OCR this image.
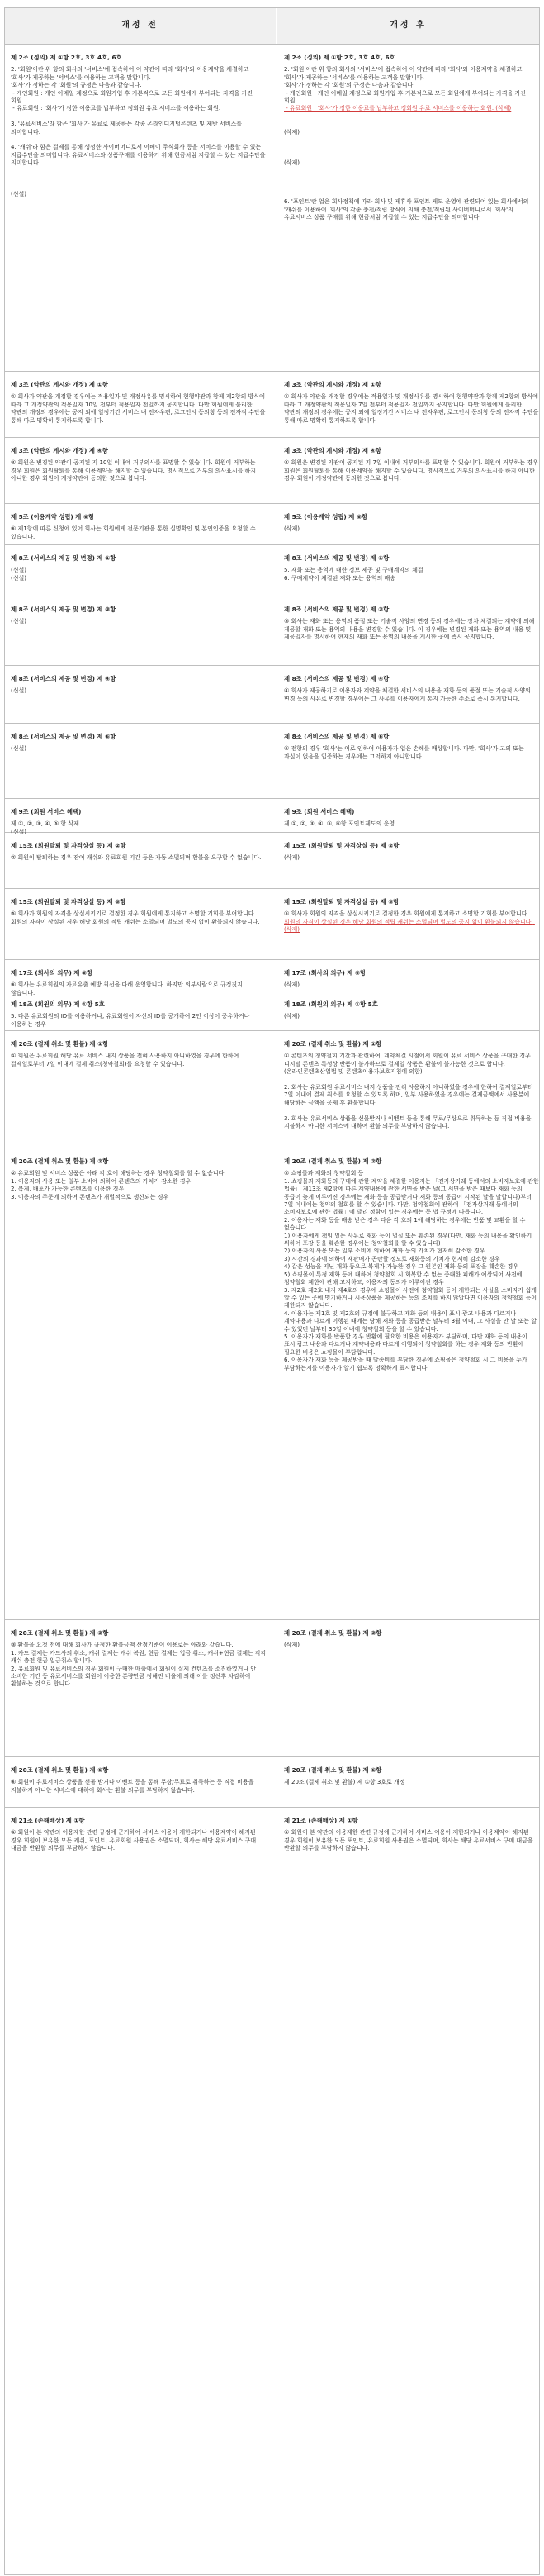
개정 전	개정 후
제 2조 (정의) 제 ①항 2호, 3호 4호, 6호
2. '회원'이란 위 항의 회사의 '서비스'에 접속하여 이 약관에 따라 '회사'와 이용계약을 체결하고 '회사'가 제공하는 '서비스'를 이용하는 고객을 말합니다.
'회사'가 정하는 각 '회원'의 규정은 다음과 같습니다.
- 개인회원 : 개인 이메일 계정으로 회원가입 후 기본적으로 모든 회원에게 부여되는 자격을 가진 회원.
- 유료회원 : '회사'가 정한 이용료를 납부하고 정회원 유료 서비스를 이용하는 회원.

3. '유료서비스'라 함은 '회사'가 유료로 제공하는 각종 온라인디지털콘텐츠 및 제반 서비스를 의미합니다.

4. '캐쉬'라 함은 결제를 통해 생성한 사이버머니로서 이베이 주식회사 등을 서비스를 이용할 수 있는 지급수단을 의미합니다. 유료서비스와 상품구매를 이용하기 위해 현금처럼 지급할 수 있는 지급수단을 의미합니다.

(신설)
제 2조 (정의) 제 ①항 2호, 3호 4호, 6호
2. '회원'이란 위 항의 회사의 '서비스'에 접속하여 이 약관에 따라 '회사'와 이용계약을 체결하고 '회사'가 제공하는 '서비스'를 이용하는 고객을 말합니다.
'회사'가 정하는 각 '회원'의 규정은 다음과 같습니다.
- 개인회원 : 개인 이메일 계정으로 회원가입 후 기본적으로 모든 회원에게 부여되는 자격을 가진 회원.
- 유료회원 : '회사'가 정한 이용료를 납부하고 정회원 유료 서비스를 이용하는 회원. (삭제)

(삭제)

(삭제)

6. '포인트'란 업은 회사정책에 따라 회사 및 제휴사 포인트 제도 운영에 관련되어 있는 회사에서의 '캐쉬를 이용하여 '회사'의 각종 충전/적립 방식에 의해 충전/적립된 사이버머니로서 '회사'의 유료서비스 상품 구매를 위해 현금처럼 지급할 수 있는 지급수단을 의미합니다.
제 3조 (약관의 게시와 개정) 제 ①항
① 회사가 약관을 개정할 경우에는 적용일자 및 개정사유를 명시하여 현행약관과 함께 제2항의 방식에 따라 그 개정약관의 적용일자 10일 전부터 적용일자 전일까지 공지합니다. 다만 회원에게 불리한 약관의 개정의 경우에는 공지 외에 일정기간 서비스 내 전자우편, 로그인시 동의창 등의 전자적 수단을 통해 따로 명확히 통지하도록 합니다.
제 3조 (약관의 게시와 개정) 제 ①항
① 회사가 약관을 개정할 경우에는 적용일자 및 개정사유를 명시하여 현행약관과 함께 제2항의 방식에 따라 그 개정약관의 적용일자 7일 전부터 적용일자 전일까지 공지합니다. 다만 회원에게 불리한 약관의 개정의 경우에는 공지 외에 일정기간 서비스 내 전자우편, 로그인시 동의창 등의 전자적 수단을 통해 따로 명확히 통지하도록 합니다.
제 3조 (약관의 게시와 개정) 제 ④항
④ 회원은 변경된 약관이 공지된 지 10일 이내에 거부의사를 표명할 수 있습니다. 회원이 거부하는 경우 회원은 회원탈퇴를 통해 이용계약을 해지할 수 있습니다. 명시적으로 거부의 의사표시를 하지 아니한 경우 회원이 개정약관에 동의한 것으로 봅니다.
제 3조 (약관의 게시와 개정) 제 ④항
④ 회원은 변경된 약관이 공지된 지 7일 이내에 거부의사를 표명할 수 있습니다. 회원이 거부하는 경우 회원은 회원탈퇴를 통해 이용계약을 해지할 수 있습니다. 명시적으로 거부의 의사표시를 하지 아니한 경우 회원이 개정약관에 동의한 것으로 봅니다.
제 5조 (이용계약 성립) 제 ⑥항
⑥ 제1항에 따른 신청에 있어 회사는 회원에게 전문기관을 통한 실명확인 및 본인인증을 요청할 수 있습니다.
제 5조 (이용계약 성립) 제 ⑥항
(삭제)
제 8조 (서비스의 제공 및 변경) 제 ①항
(신설)
(신설)
제 8조 (서비스의 제공 및 변경) 제 ①항
5. 재화 또는 용역에 대한 정보 제공 및 구매계약의 체결
6. 구매계약이 체결된 재화 또는 용역의 배송
제 8조 (서비스의 제공 및 변경) 제 ③항
(신설)
제 8조 (서비스의 제공 및 변경) 제 ③항
③ 회사는 재화 또는 용역의 품절 또는 기술적 사양의 변경 등의 경우에는 장차 체결되는 계약에 의해 제공할 재화 또는 용역의 내용을 변경할 수 있습니다. 이 경우에는 변경된 재화 또는 용역의 내용 및 제공일자를 명시하여 현재의 재화 또는 용역의 내용을 게시한 곳에 즉시 공지합니다.
제 8조 (서비스의 제공 및 변경) 제 ④항
(신설)
제 8조 (서비스의 제공 및 변경) 제 ④항
④ 회사가 제공하기로 이용자와 계약을 체결한 서비스의 내용을 재화 등의 품절 또는 기술적 사양의 변경 등의 사유로 변경할 경우에는 그 사유를 이용자에게 통지 가능한 주소로 즉시 통지합니다.
제 8조 (서비스의 제공 및 변경) 제 ⑥항
(신설)
제 8조 (서비스의 제공 및 변경) 제 ⑥항
⑥ 전항의 경우 '회사'는 이로 인하여 이용자가 입은 손해를 배상합니다. 다만, '회사'가 고의 또는 과실이 없음을 입증하는 경우에는 그러하지 아니합니다.
제 9조 (회원 서비스 혜택)
제 ①, ②, ③, ④, ⑤ 항 삭제
(신설)
제 9조 (회원 서비스 혜택)
제 ①, ②, ③, ④, ⑤, ⑥항 포인트제도의 운영
제 15조 (회원탈퇴 및 자격상실 등) 제 ②항
② 회원이 탈퇴하는 경우 잔여 캐쉬와 유료회원 기간 등은 자동 소멸되며 환불을 요구할 수 없습니다.
제 15조 (회원탈퇴 및 자격상실 등) 제 ②항
(삭제)
제 15조 (회원탈퇴 및 자격상실 등) 제 ⑤항
⑤ 회사가 회원의 자격을 상실시키기로 결정한 경우 회원에게 통지하고 소명할 기회를 부여합니다. 회원의 자격이 상실된 경우 해당 회원의 적립 캐쉬는 소멸되며 별도의 공지 없이 환불되지 않습니다.
제 15조 (회원탈퇴 및 자격상실 등) 제 ⑤항
⑤ 회사가 회원의 자격을 상실시키기로 결정한 경우 회원에게 통지하고 소명할 기회를 부여합니다. 회원의 자격이 상실된 경우 해당 회원의 적립 캐쉬는 소멸되며 별도의 공지 없이 환불되지 않습니다. (삭제)
제 17조 (회사의 의무) 제 ⑥항
⑥ 회사는 유료회원의 자료유출 예방 최선을 다해 운영합니다. 하지만 외부사람으로 규정짓지 않습니다.
제 17조 (회사의 의무) 제 ⑥항
(삭제)
제 18조 (회원의 의무) 제 ①항 5호
5. 다른 유료회원의 ID를 이용하거나, 유료회원이 자신의 ID를 공개하여 2인 이상이 공유하거나 이용하는 경우
제 18조 (회원의 의무) 제 ①항 5호
(삭제)
제 20조 (결제 취소 및 환불) 제 ①항
① 회원은 유료회원 해당 유료 서비스 내지 상품을 전혀 사용하지 아니하였을 경우에 한하여 결제일로부터 7일 이내에 결제 취소(청약철회)를 요청할 수 있습니다.
제 20조 (결제 취소 및 환불) 제 ①항
① 콘텐츠의 청약철회 기간과 관련하여, 계약체결 시점에서 회원이 유료 서비스 상품을 구매한 경우 디지털 콘텐츠 특성상 반품이 불가하므로 결제일 상품은 환불이 불가능한 것으로 합니다.
(온라인콘텐츠산업법 및 콘텐츠이용자보호지침에 의함)

2. 회사는 유료회원 유료서비스 내지 상품을 전혀 사용하지 아니하였을 경우에 한하여 결제일로부터 7일 이내에 결제 취소를 요청할 수 있도록 하며, 일부 사용하였을 경우에는 결제금액에서 사용분에 해당하는 금액을 공제 후 환불합니다.

3. 회사는 유료서비스 상품을 선물받거나 이벤트 등을 통해 무료/무상으로 취득하는 등 직접 비용을 지불하지 아니한 서비스에 대하여 환불 의무를 부담하지 않습니다.
제 20조 (결제 취소 및 환불) 제 ②항
② 유료회원 및 서비스 상품은 아래 각 호에 해당하는 경우 청약철회를 할 수 없습니다.
1. 이용자의 사용 또는 일부 소비에 의하여 콘텐츠의 가치가 감소한 경우
2. 복제, 배포가 가능한 콘텐츠를 이용한 경우
3. 이용자의 주문에 의하여 콘텐츠가 개별적으로 생산되는 경우
제 20조 (결제 취소 및 환불) 제 ②항
② 쇼핑몰과 재화의 청약철회 등
1. 쇼핑몰과 재화등의 구매에 관한 계약을 체결한 이용자는 「전자상거래 등에서의 소비자보호에 관한 법률」 제13조 제2항에 따른 계약내용에 관한 서면을 받은 날(그 서면을 받은 때보다 재화 등의 공급이 늦게 이루어진 경우에는 재화 등을 공급받거나 재화 등의 공급이 시작된 날을 말합니다)부터 7일 이내에는 청약의 철회를 할 수 있습니다. 다만, 청약철회에 관하여 「전자상거래 등에서의 소비자보호에 관한 법률」에 달리 정함이 있는 경우에는 동 법 규정에 따릅니다.
2. 이용자는 재화 등을 배송 받은 경우 다음 각 호의 1에 해당하는 경우에는 반품 및 교환을 할 수 없습니다.
1) 이용자에게 책임 있는 사유로 재화 등이 멸실 또는 훼손된 경우(다만, 재화 등의 내용을 확인하기 위하여 포장 등을 훼손한 경우에는 청약철회를 할 수 있습니다)
2) 이용자의 사용 또는 일부 소비에 의하여 재화 등의 가치가 현저히 감소한 경우
3) 시간의 경과에 의하여 재판매가 곤란할 정도로 재화등의 가치가 현저히 감소한 경우
4) 같은 성능을 지닌 재화 등으로 복제가 가능한 경우 그 원본인 재화 등의 포장을 훼손한 경우
5) 쇼핑몰이 특정 재화 등에 대하여 청약철회 시 회복할 수 없는 중대한 피해가 예상되어 사전에 청약철회 제한에 관해 고지하고, 이용자의 동의가 이루어진 경우
3. 제2호 제2호 내지 제4호의 경우에 쇼핑몰이 사전에 청약철회 등이 제한되는 사실을 소비자가 쉽게 알 수 있는 곳에 명기하거나 시용상품을 제공하는 등의 조치를 하지 않았다면 이용자의 청약철회 등이 제한되지 않습니다.
4. 이용자는 제1호 및 제2호의 규정에 불구하고 재화 등의 내용이 표시·광고 내용과 다르거나 계약내용과 다르게 이행된 때에는 당해 재화 등을 공급받은 날부터 3월 이내, 그 사실을 안 날 또는 알 수 있었던 날부터 30일 이내에 청약철회 등을 할 수 있습니다.
5. 이용자가 재화를 반품할 경우 반환에 필요한 비용은 이용자가 부담하며, 다만 재화 등의 내용이 표시·광고 내용과 다르거나 계약내용과 다르게 이행되어 청약철회를 하는 경우 재화 등의 반환에 필요한 비용은 쇼핑몰이 부담합니다.
6. 이용자가 재화 등을 제공받을 때 발송비를 부담한 경우에 쇼핑몰은 청약철회 시 그 비용을 누가 부담하는지를 이용자가 알기 쉽도록 명확하게 표시합니다.
제 20조 (결제 취소 및 환불) 제 ③항
③ 환불을 요청 전에 대해 회사가 규정한 환불금액 산정기준이 이용로는 아래와 같습니다.
1. 카드 결제는 카드사의 취소, 캐쉬 결제는 캐쉬 복원, 현금 결제는 입금 취소, 캐쉬+현금 결제는 각각 캐쉬 충전 현금 입금취소 합니다.
2. 유료회원 및 유료서비스의 경우 회원이 구매한 매출에서 회원이 실제 컨텐츠를 소진하였거나 안 소비한 기간 등 유료서비스를 회원이 이용한 분량만큼 정해진 비율에 의해 이를 정산후 차감하여 환불하는 것으로 합니다.
제 20조 (결제 취소 및 환불) 제 ③항
(삭제)
제 20조 (결제 취소 및 환불) 제 ⑥항
⑥ 회원이 유료서비스 상품을 선물 받거나 이벤트 등을 통해 무상/무료로 취득하는 등 직접 비용을 지불하지 아니한 서비스에 대하여 회사는 환불 의무를 부담하지 않습니다.
제 20조 (결제 취소 및 환불) 제 ⑥항
제 20조 (결제 취소 및 환불) 제 ①항 3호로 개정
제 21조 (손해배상) 제 ①항
① 회원이 본 약관의 이용제한 관련 규정에 근거하여 서비스 이용이 제한되거나 이용계약이 해지된 경우 회원이 보유한 모든 캐쉬, 포인트, 유료회원 사용권은 소멸되며, 회사는 해당 유료서비스 구매 대금을 반환할 의무를 부담하지 않습니다.
제 21조 (손해배상) 제 ①항
① 회원이 본 약관의 이용제한 관련 규정에 근거하여 서비스 이용이 제한되거나 이용계약이 해지된 경우 회원이 보유한 모든 포인트, 유료회원 사용권은 소멸되며, 회사는 해당 유료서비스 구매 대금을 반환할 의무를 부담하지 않습니다.
